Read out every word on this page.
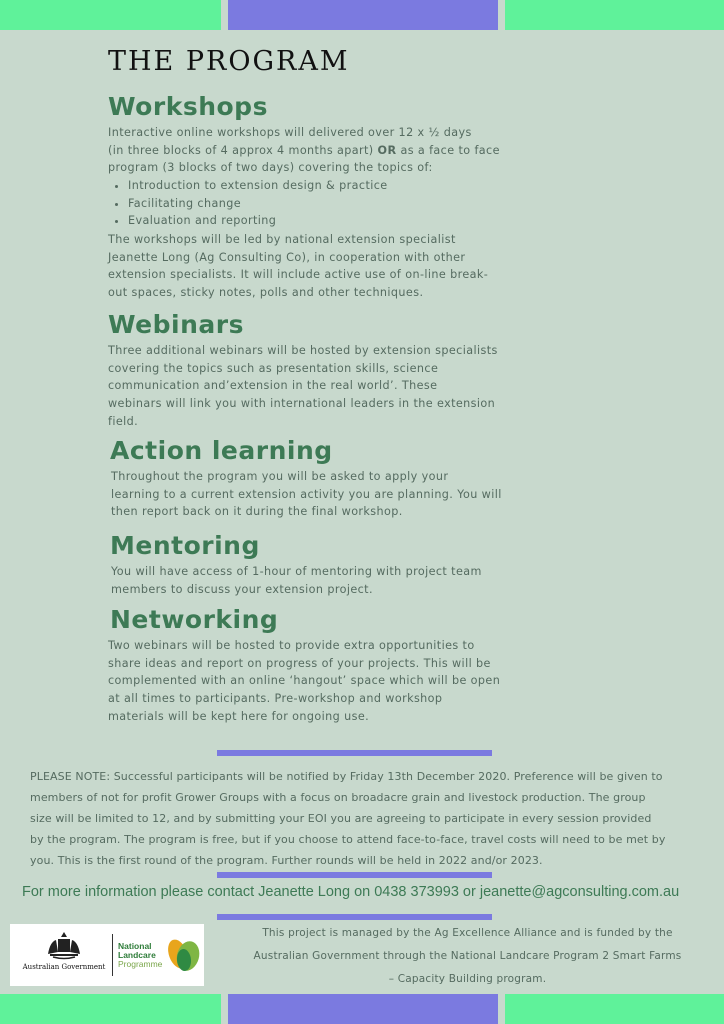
THE PROGRAM
Workshops

Interactive online workshops will delivered over 12 x ½ days
(in three blocks of 4 approx 4 months apart) OR as a face to face
program (3 blocks of two days) covering the topics of:

• Introduction to extension design & practice
• Facilitating change
• Evaluation and reporting

The workshops will be led by national extension specialist
Jeanette Long (Ag Consulting Co), in cooperation with other
extension specialists. It will include active use of on-line break-
out spaces, sticky notes, polls and other techniques.

Webinars

Three additional webinars will be hosted by extension specialists
covering the topics such as presentation skills, science
communication and’extension in the real world’. These
webinars will link you with international leaders in the extension
field.

Action learning

Throughout the program you will be asked to apply your
learning to a current extension activity you are planning. You will
then report back on it during the final workshop.

Mentoring

You will have access of 1-hour of mentoring with project team
members to discuss your extension project.

Networking

Two webinars will be hosted to provide extra opportunities to
share ideas and report on progress of your projects. This will be
complemented with an online ‘hangout’ space which will be open
at all times to participants. Pre-workshop and workshop
materials will be kept here for ongoing use.

PLEASE NOTE: Successful participants will be notified by Friday 13th December 2020. Preference will be given to
members of not for profit Grower Groups with a focus on broadacre grain and livestock production. The group
size will be limited to 12, and by submitting your EOI you are agreeing to participate in every session provided
by the program. The program is free, but if you choose to attend face-to-face, travel costs will need to be met by
you. This is the first round of the program. Further rounds will be held in 2022 and/or 2023.

For more information please contact Jeanette Long on 0438 373993 or jeanette@agconsulting.com.au

Australian Government
National
Landcare
Programme

This project is managed by the Ag Excellence Alliance and is funded by the
Australian Government through the National Landcare Program 2 Smart Farms
– Capacity Building program.
